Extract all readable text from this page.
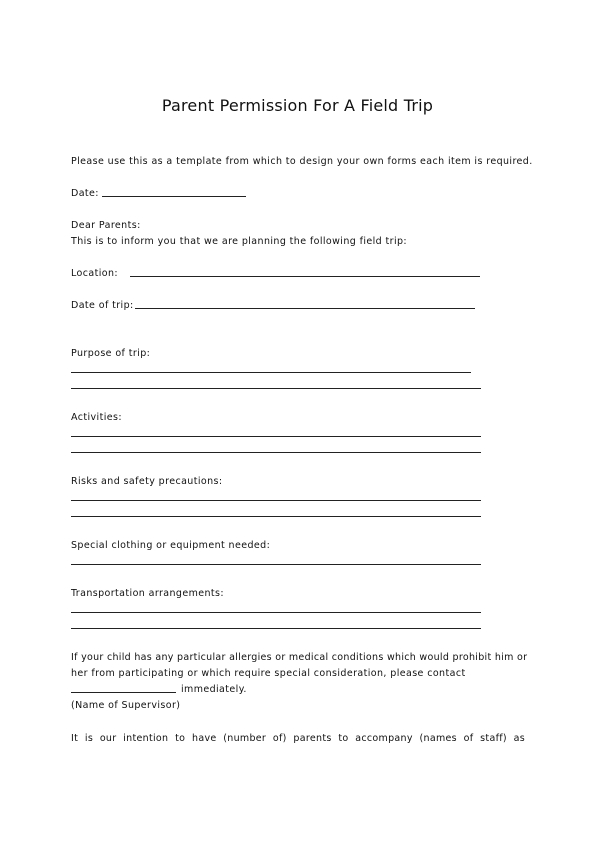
Parent Permission For A Field Trip
Please use this as a template from which to design your own forms each item is required.
Date:
Dear Parents:
This is to inform you that we are planning the following field trip:
Location:
Date of trip:
Purpose of trip:
Activities:
Risks and safety precautions:
Special clothing or equipment needed:
Transportation arrangements:
If your child has any particular allergies or medical conditions which would prohibit him or
her from participating or which require special consideration, please contact
immediately.
(Name of Supervisor)
It is our intention to have (number of) parents to accompany (names of staff) as
